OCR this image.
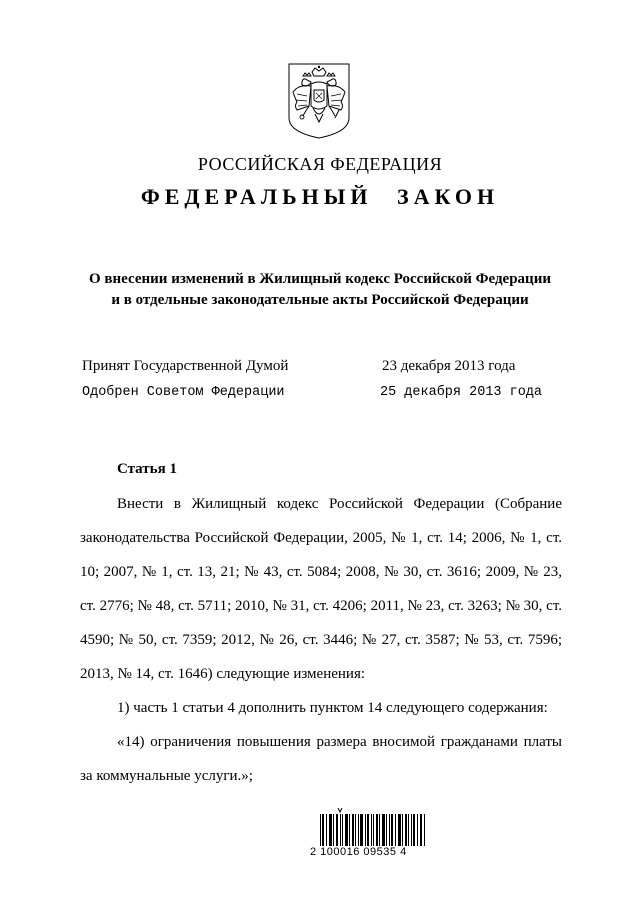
РОССИЙСКАЯ ФЕДЕРАЦИЯ
ФЕДЕРАЛЬНЫЙ ЗАКОН
О внесении изменений в Жилищный кодекс Российской Федерации
и в отдельные законодательные акты Российской Федерации
Принят Государственной Думой	23 декабря 2013 года
Одобрен Советом Федерации	25 декабря 2013 года
Статья 1

Внести в Жилищный кодекс Российской Федерации (Собрание законодательства Российской Федерации, 2005, № 1, ст. 14; 2006, № 1, ст. 10; 2007, № 1, ст. 13, 21; № 43, ст. 5084; 2008, № 30, ст. 3616; 2009, № 23, ст. 2776; № 48, ст. 5711; 2010, № 31, ст. 4206; 2011, № 23, ст. 3263; № 30, ст. 4590; № 50, ст. 7359; 2012, № 26, ст. 3446; № 27, ст. 3587; № 53, ст. 7596; 2013, № 14, ст. 1646) следующие изменения:

1) часть 1 статьи 4 дополнить пунктом 14 следующего содержания:

«14) ограничения повышения размера вносимой гражданами платы за коммунальные услуги.»;

2 100016 09535 4
